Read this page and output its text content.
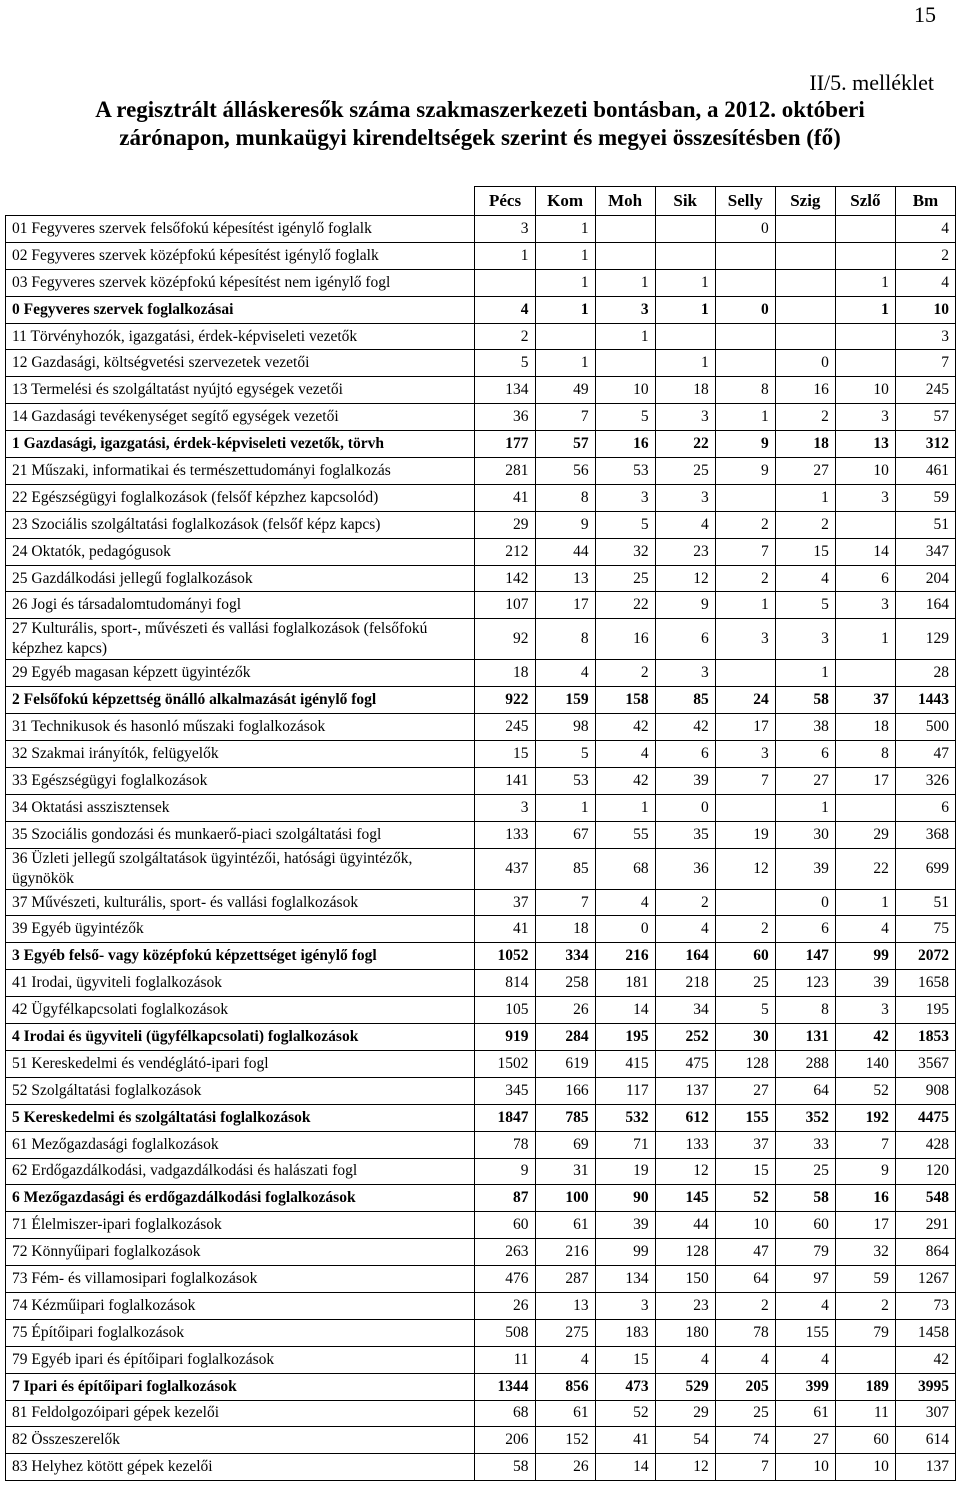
15
II/5. melléklet
A regisztrált álláskeresők száma szakmaszerkezeti bontásban, a 2012. októberi
zárónapon, munkaügyi kirendeltségek szerint és megyei összesítésben (fő)
	Pécs	Kom	Moh	Sik	Selly	Szig	Szlő	Bm
01 Fegyveres szervek felsőfokú képesítést igénylő foglalk	3	1			0			4
02 Fegyveres szervek középfokú képesítést igénylő foglalk	1	1						2
03 Fegyveres szervek középfokú képesítést nem igénylő fogl		1	1	1			1	4
0 Fegyveres szervek foglalkozásai	4	1	3	1	0		1	10
11 Törvényhozók, igazgatási, érdek-képviseleti vezetők	2		1					3
12 Gazdasági, költségvetési szervezetek vezetői	5	1		1		0		7
13 Termelési és szolgáltatást nyújtó egységek vezetői	134	49	10	18	8	16	10	245
14 Gazdasági tevékenységet segítő egységek vezetői	36	7	5	3	1	2	3	57
1 Gazdasági, igazgatási, érdek-képviseleti vezetők, törvh	177	57	16	22	9	18	13	312
21 Műszaki, informatikai és természettudományi foglalkozás	281	56	53	25	9	27	10	461
22 Egészségügyi foglalkozások (felsőf képzhez kapcsolód)	41	8	3	3		1	3	59
23 Szociális szolgáltatási foglalkozások (felsőf képz kapcs)	29	9	5	4	2	2		51
24 Oktatók, pedagógusok	212	44	32	23	7	15	14	347
25 Gazdálkodási jellegű foglalkozások	142	13	25	12	2	4	6	204
26 Jogi és társadalomtudományi fogl	107	17	22	9	1	5	3	164
27 Kulturális, sport-, művészeti és vallási foglalkozások (felsőfokú képzhez kapcs)	92	8	16	6	3	3	1	129
29 Egyéb magasan képzett ügyintézők	18	4	2	3		1		28
2 Felsőfokú képzettség önálló alkalmazását igénylő fogl	922	159	158	85	24	58	37	1443
31 Technikusok és hasonló műszaki foglalkozások	245	98	42	42	17	38	18	500
32 Szakmai irányítók, felügyelők	15	5	4	6	3	6	8	47
33 Egészségügyi foglalkozások	141	53	42	39	7	27	17	326
34 Oktatási asszisztensek	3	1	1	0		1		6
35 Szociális gondozási és munkaerő-piaci szolgáltatási fogl	133	67	55	35	19	30	29	368
36 Üzleti jellegű szolgáltatások ügyintézői, hatósági ügyintézők, ügynökök	437	85	68	36	12	39	22	699
37 Művészeti, kulturális, sport- és vallási foglalkozások	37	7	4	2		0	1	51
39 Egyéb ügyintézők	41	18	0	4	2	6	4	75
3 Egyéb felső- vagy középfokú képzettséget igénylő fogl	1052	334	216	164	60	147	99	2072
41 Irodai, ügyviteli foglalkozások	814	258	181	218	25	123	39	1658
42 Ügyfélkapcsolati foglalkozások	105	26	14	34	5	8	3	195
4 Irodai és ügyviteli (ügyfélkapcsolati) foglalkozások	919	284	195	252	30	131	42	1853
51 Kereskedelmi és vendéglátó-ipari fogl	1502	619	415	475	128	288	140	3567
52 Szolgáltatási foglalkozások	345	166	117	137	27	64	52	908
5 Kereskedelmi és szolgáltatási foglalkozások	1847	785	532	612	155	352	192	4475
61 Mezőgazdasági foglalkozások	78	69	71	133	37	33	7	428
62 Erdőgazdálkodási, vadgazdálkodási és halászati fogl	9	31	19	12	15	25	9	120
6 Mezőgazdasági és erdőgazdálkodási foglalkozások	87	100	90	145	52	58	16	548
71 Élelmiszer-ipari foglalkozások	60	61	39	44	10	60	17	291
72 Könnyűipari foglalkozások	263	216	99	128	47	79	32	864
73 Fém- és villamosipari foglalkozások	476	287	134	150	64	97	59	1267
74 Kézműipari foglalkozások	26	13	3	23	2	4	2	73
75 Építőipari foglalkozások	508	275	183	180	78	155	79	1458
79 Egyéb ipari és építőipari foglalkozások	11	4	15	4	4	4		42
7 Ipari és építőipari foglalkozások	1344	856	473	529	205	399	189	3995
81 Feldolgozóipari gépek kezelői	68	61	52	29	25	61	11	307
82 Összeszerelők	206	152	41	54	74	27	60	614
83 Helyhez kötött gépek kezelői	58	26	14	12	7	10	10	137
